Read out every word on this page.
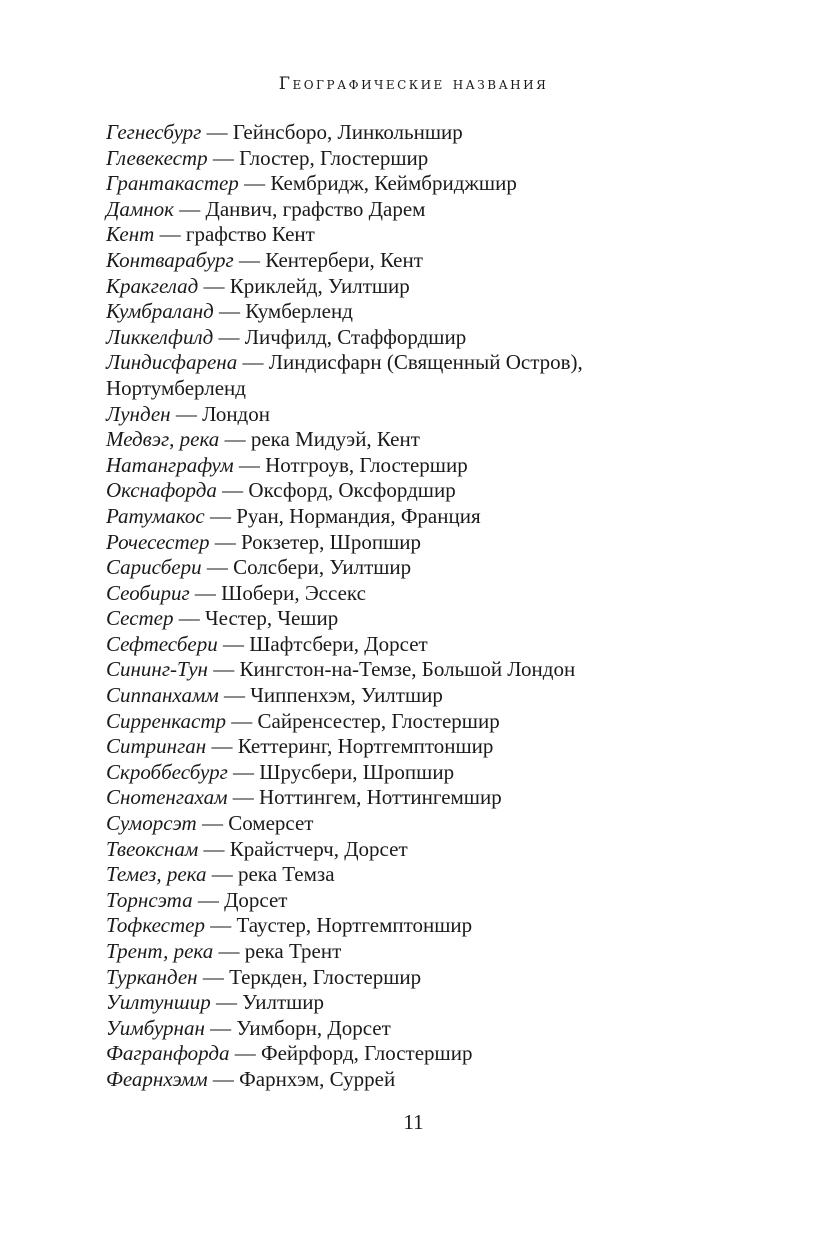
Географические названия
Гегнесбург — Гейнсборо, Линкольншир
Глевекестр — Глостер, Глостершир
Грантакастер — Кембридж, Кеймбриджшир
Дамнок — Данвич, графство Дарем
Кент — графство Кент
Контварабург — Кентербери, Кент
Кракгелад — Криклейд, Уилтшир
Кумбраланд — Кумберленд
Ликкелфилд — Личфилд, Стаффордшир
Линдисфарена — Линдисфарн (Священный Остров), Нортумберленд
Лунден — Лондон
Медвэг, река — река Мидуэй, Кент
Натанграфум — Нотгроув, Глостершир
Окснафорда — Оксфорд, Оксфордшир
Ратумакос — Руан, Нормандия, Франция
Рочесестер — Рокзетер, Шропшир
Сарисбери — Солсбери, Уилтшир
Сеобириг — Шобери, Эссекс
Сестер — Честер, Чешир
Сефтесбери — Шафтсбери, Дорсет
Сининг-Тун — Кингстон-на-Темзе, Большой Лондон
Сиппанхамм — Чиппенхэм, Уилтшир
Сирренкастр — Сайренсестер, Глостершир
Ситринган — Кеттеринг, Нортгемптоншир
Скроббесбург — Шрусбери, Шропшир
Снотенгахам — Ноттингем, Ноттингемшир
Суморсэт — Сомерсет
Твеокснам — Крайстчерч, Дорсет
Темез, река — река Темза
Торнсэта — Дорсет
Тофкестер — Таустер, Нортгемптоншир
Трент, река — река Трент
Турканден — Теркден, Глостершир
Уилтуншир — Уилтшир
Уимбурнан — Уимборн, Дорсет
Фагранфорда — Фейрфорд, Глостершир
Феарнхэмм — Фарнхэм, Суррей
11
